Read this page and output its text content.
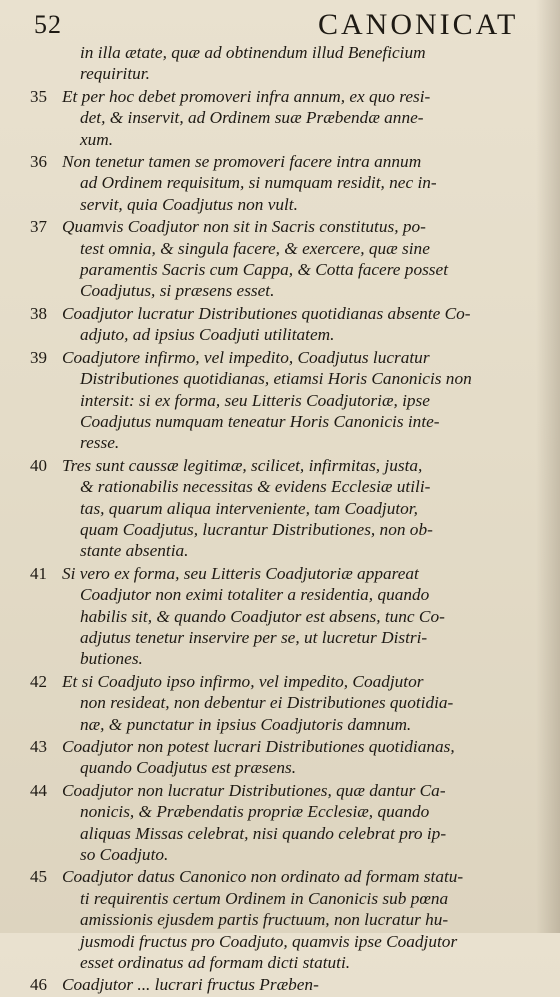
52	CANONICAT
in illa ætate, quæ ad obtinendum illud Beneficium
requiritur.
35 Et per hoc debet promoveri infra annum, ex quo resi-
det, & inservit, ad Ordinem suæ Præbendæ anne-
xum.
36 Non tenetur tamen se promoveri facere intra annum
ad Ordinem requisitum, si numquam residit, nec in-
servit, quia Coadjutus non vult.
37 Quamvis Coadjutor non sit in Sacris constitutus, po-
test omnia, & singula facere, & exercere, quæ sine
paramentis Sacris cum Cappa, & Cotta facere posset
Coadjutus, si præsens esset.
38 Coadjutor lucratur Distributiones quotidianas absente Co-
adjuto, ad ipsius Coadjuti utilitatem.
39 Coadjutore infirmo, vel impedito, Coadjutus lucratur
Distributiones quotidianas, etiamsi Horis Canonicis non
intersit: si ex forma, seu Litteris Coadjutoriæ, ipse
Coadjutus numquam teneatur Horis Canonicis inte-
resse.
40 Tres sunt caussæ legitimæ, scilicet, infirmitas, justa,
& rationabilis necessitas & evidens Ecclesiæ utili-
tas, quarum aliqua interveniente, tam Coadjutor,
quam Coadjutus, lucrantur Distributiones, non ob-
stante absentia.
41 Si vero ex forma, seu Litteris Coadjutoriæ appareat
Coadjutor non eximi totaliter a residentia, quando
habilis sit, & quando Coadjutor est absens, tunc Co-
adjutus tenetur inservire per se, ut lucretur Distri-
butiones.
42 Et si Coadjuto ipso infirmo, vel impedito, Coadjutor
non resideat, non debentur ei Distributiones quotidia-
næ, & punctatur in ipsius Coadjutoris damnum.
43 Coadjutor non potest lucrari Distributiones quotidianas,
quando Coadjutus est præsens.
44 Coadjutor non lucratur Distributiones, quæ dantur Ca-
nonicis, & Præbendatis propriæ Ecclesiæ, quando
aliquas Missas celebrat, nisi quando celebrat pro ip-
so Coadjuto.
45 Coadjutor datus Canonico non ordinato ad formam statu-
ti requirentis certum Ordinem in Canonicis sub pœna
amissionis ejusdem partis fructuum, non lucratur hu-
jusmodi fructus pro Coadjuto, quamvis ipse Coadjutor
esset ordinatus ad formam dicti statuti.
46 Coadjutor ... lucrari fructus Præben-
